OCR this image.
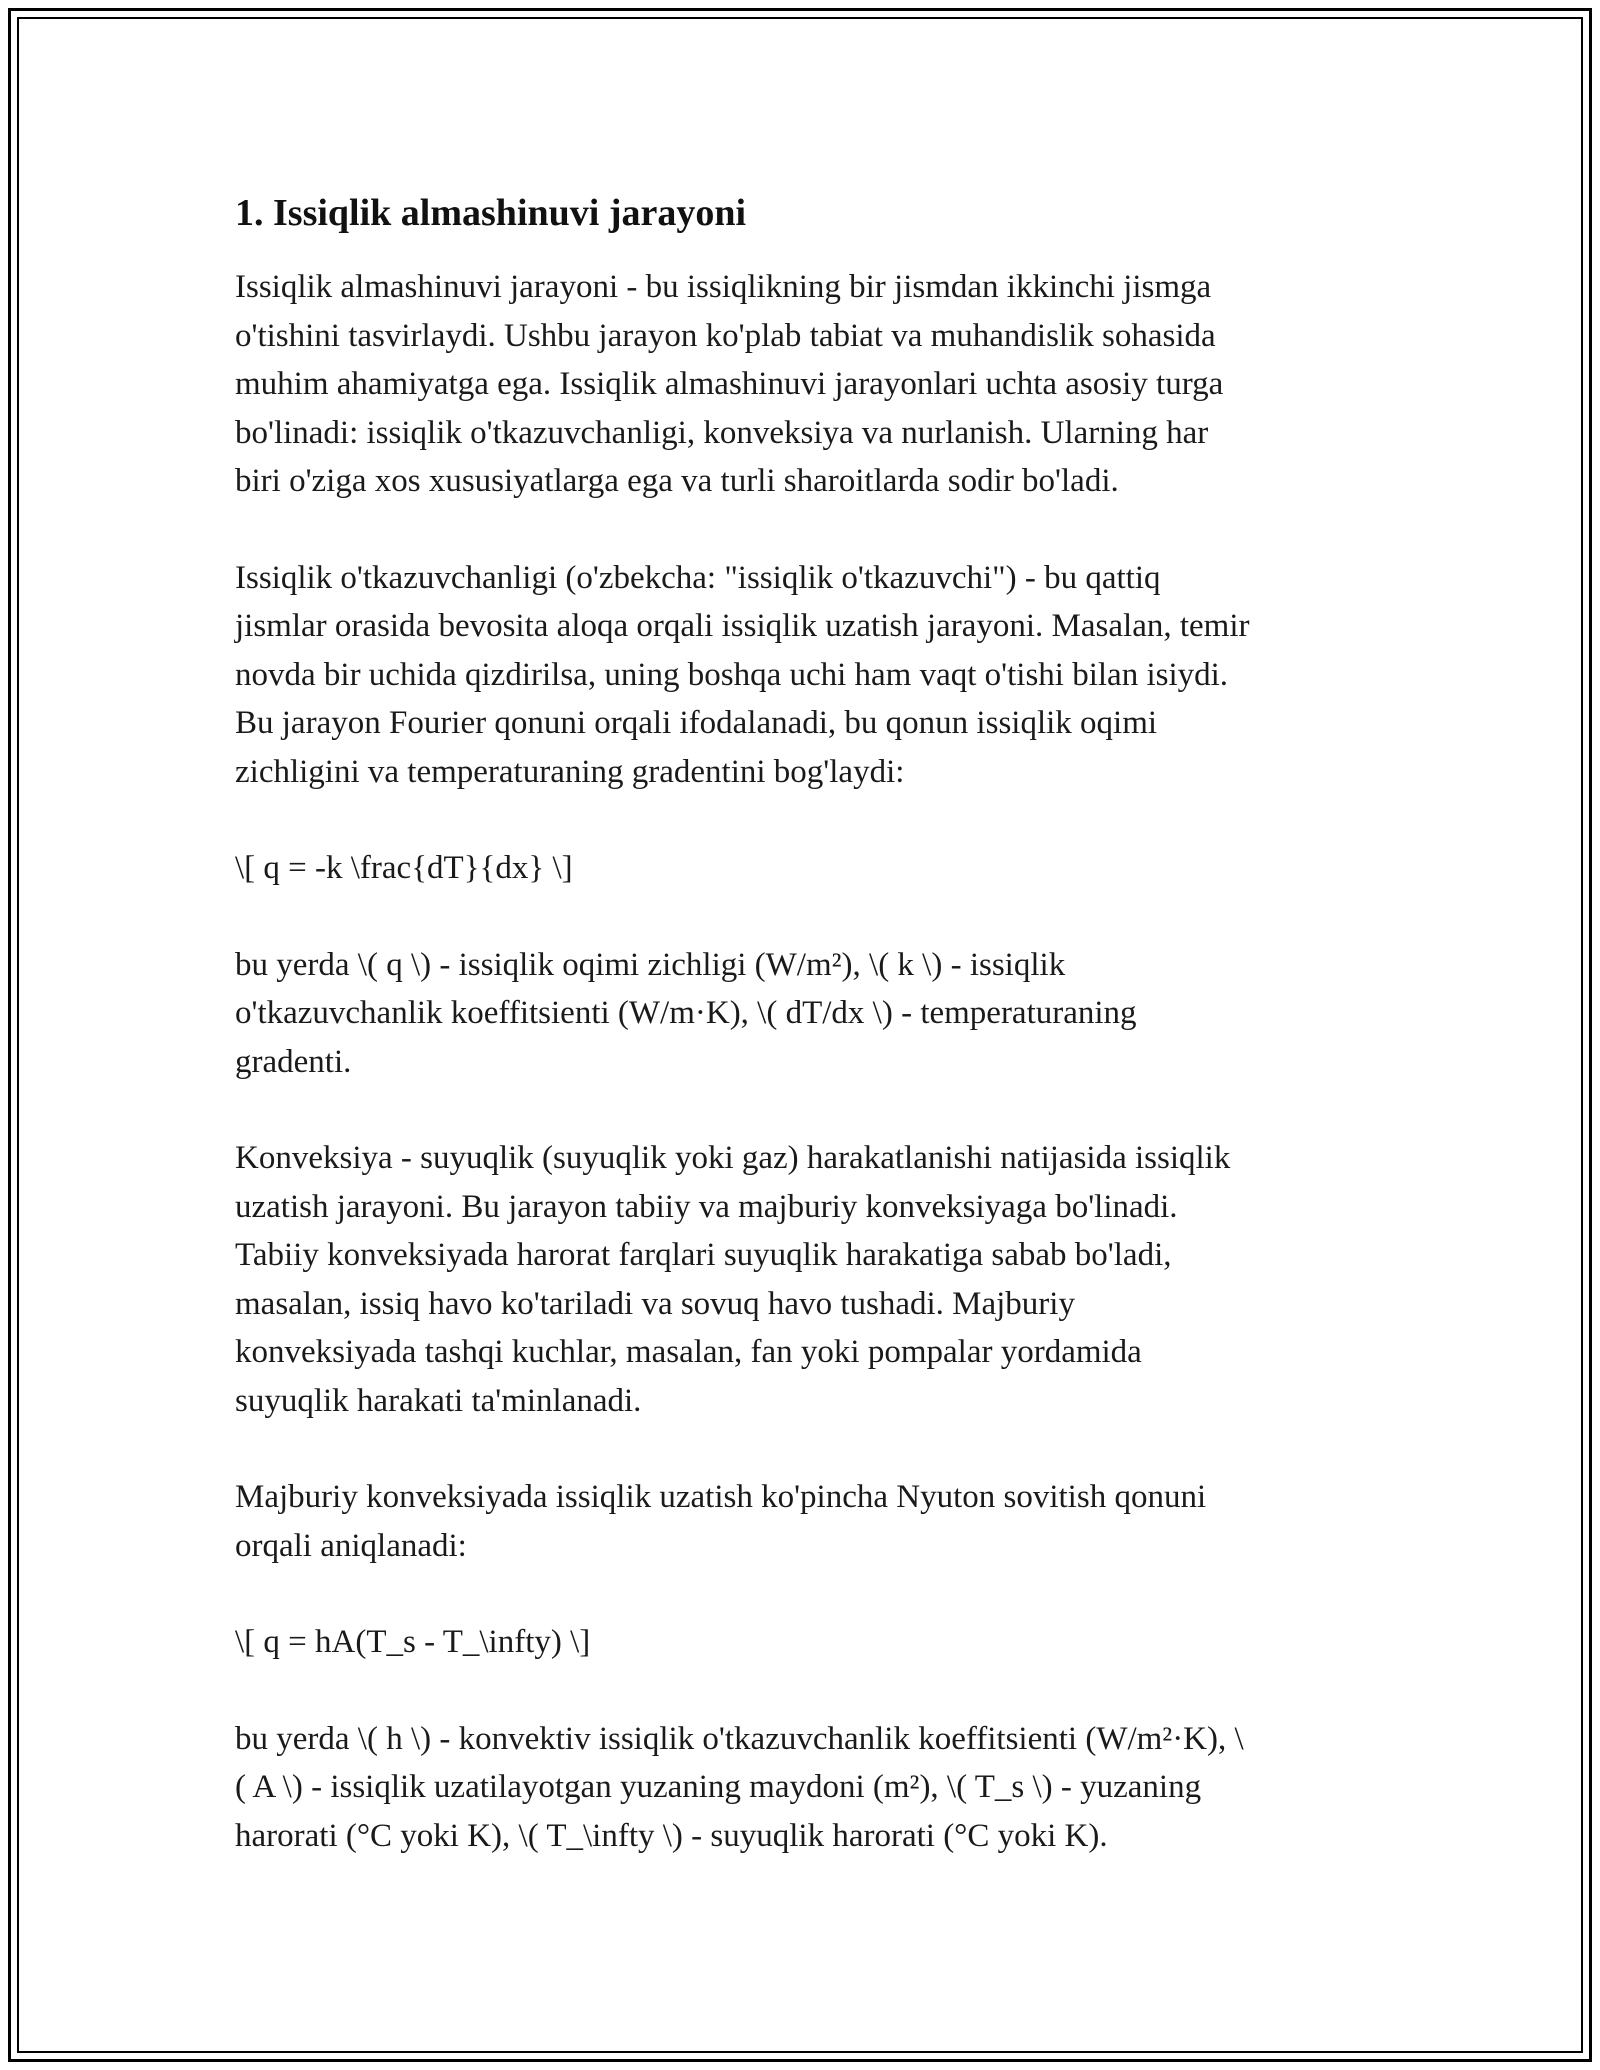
1. Issiqlik almashinuvi jarayoni

Issiqlik almashinuvi jarayoni - bu issiqlikning bir jismdan ikkinchi jismga
o'tishini tasvirlaydi. Ushbu jarayon ko'plab tabiat va muhandislik sohasida
muhim ahamiyatga ega. Issiqlik almashinuvi jarayonlari uchta asosiy turga
bo'linadi: issiqlik o'tkazuvchanligi, konveksiya va nurlanish. Ularning har
biri o'ziga xos xususiyatlarga ega va turli sharoitlarda sodir bo'ladi.

Issiqlik o'tkazuvchanligi (o'zbekcha: "issiqlik o'tkazuvchi") - bu qattiq
jismlar orasida bevosita aloqa orqali issiqlik uzatish jarayoni. Masalan, temir
novda bir uchida qizdirilsa, uning boshqa uchi ham vaqt o'tishi bilan isiydi.
Bu jarayon Fourier qonuni orqali ifodalanadi, bu qonun issiqlik oqimi
zichligini va temperaturaning gradentini bog'laydi:

\[ q = -k \frac{dT}{dx} \]

bu yerda \( q \) - issiqlik oqimi zichligi (W/m²), \( k \) - issiqlik
o'tkazuvchanlik koeffitsienti (W/m·K), \( dT/dx \) - temperaturaning
gradenti.

Konveksiya - suyuqlik (suyuqlik yoki gaz) harakatlanishi natijasida issiqlik
uzatish jarayoni. Bu jarayon tabiiy va majburiy konveksiyaga bo'linadi.
Tabiiy konveksiyada harorat farqlari suyuqlik harakatiga sabab bo'ladi,
masalan, issiq havo ko'tariladi va sovuq havo tushadi. Majburiy
konveksiyada tashqi kuchlar, masalan, fan yoki pompalar yordamida
suyuqlik harakati ta'minlanadi.

Majburiy konveksiyada issiqlik uzatish ko'pincha Nyuton sovitish qonuni
orqali aniqlanadi:

\[ q = hA(T_s - T_\infty) \]

bu yerda \( h \) - konvektiv issiqlik o'tkazuvchanlik koeffitsienti (W/m²·K), \
( A \) - issiqlik uzatilayotgan yuzaning maydoni (m²), \( T_s \) - yuzaning
harorati (°C yoki K), \( T_\infty \) - suyuqlik harorati (°C yoki K).
